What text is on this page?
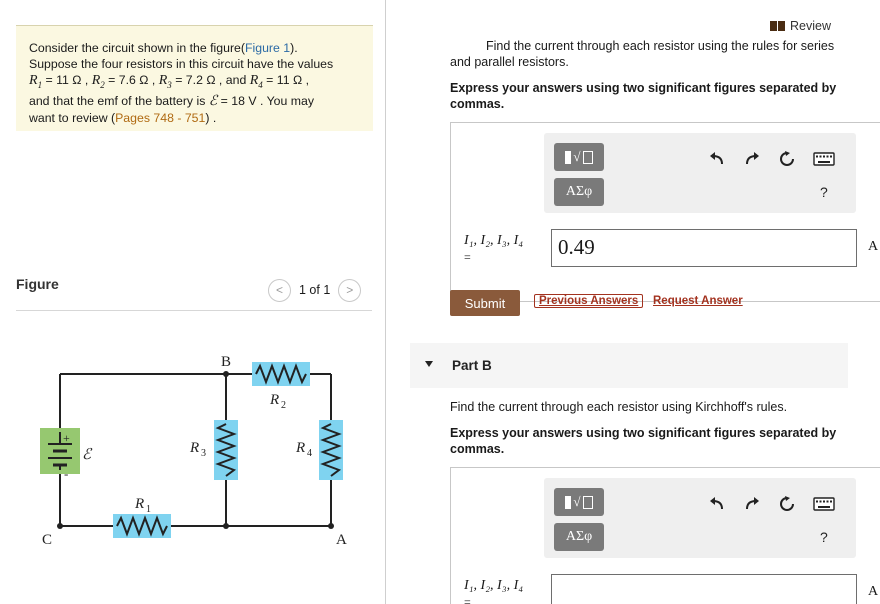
Consider the circuit shown in the figure(Figure 1).
Suppose the four resistors in this circuit have the values
$R_1 = 11$ Ω , $R_2 = 7.6$ Ω , $R_3 = 7.2$ Ω , and $R_4 = 11$ Ω ,
and that the emf of the battery is ℰ = 18 V . You may
want to review (Pages 748 - 751) .
Figure	<	1 of 1	>
B
C	A
+
-
ℰ
R 2
R 1
R 3	R 4
Review
Find the current through each resistor using the rules for series
and parallel resistors.
Express your answers using two significant figures separated by commas.
√
ΑΣφ	?
I₁, I₂, I₃, I₄
=	0.49	A
Submit	Previous Answers	Request Answer
Part B
Find the current through each resistor using Kirchhoff's rules.
Express your answers using two significant figures separated by commas.
√
ΑΣφ	?
I₁, I₂, I₃, I₄
=
A
